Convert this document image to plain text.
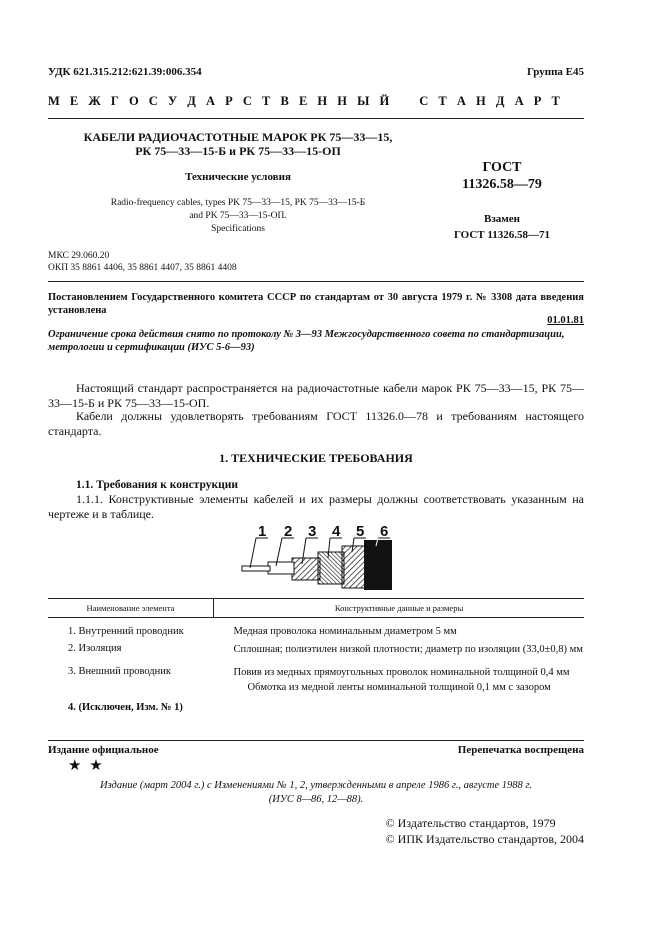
УДК 621.315.212:621.39:006.354	Группа Е45
М Е Ж Г О С У Д А Р С Т В Е Н Н Ы Й    С Т А Н Д А Р Т
КАБЕЛИ РАДИОЧАСТОТНЫЕ МАРОК РК 75—33—15,
РК 75—33—15-Б и РК 75—33—15-ОП
Технические условия
Radio-frequency cables, types PK 75—33—15, PK 75—33—15-Б
and PK 75—33—15-ОП.
Specifications
ГОСТ
11326.58—79
Взамен
ГОСТ 11326.58—71
МКС 29.060.20
ОКП 35 8861 4406, 35 8861 4407, 35 8861 4408
Постановлением Государственного комитета СССР по стандартам от 30 августа 1979 г. № 3308 дата введения установлена
01.01.81
Ограничение срока действия снято по протоколу № 3—93 Межгосударственного совета по стандартизации, метрологии и сертификации (ИУС 5-6—93)
Настоящий стандарт распространяется на радиочастотные кабели марок РК 75—33—15, РК 75—33—15-Б и РК 75—33—15-ОП.
Кабели должны удовлетворять требованиям ГОСТ 11326.0—78 и требованиям настоящего стандарта.
1. ТЕХНИЧЕСКИЕ ТРЕБОВАНИЯ
1.1. Требования к конструкции
1.1.1. Конструктивные элементы кабелей и их размеры должны соответствовать указанным на чертеже и в таблице.
1 2 3 4 5 6
Наименование элемента	Конструктивные данные и размеры
1. Внутренний проводник	Медная проволока номинальным диаметром 5 мм
2. Изоляция	Сплошная; полиэтилен низкой плотности; диаметр по изоляции (33,0±0,8) мм
3. Внешний проводник	Повив из медных прямоугольных проволок номинальной толщиной 0,4 мм
Обмотка из медной ленты номинальной толщиной 0,1 мм с зазором

4. (Исключен, Изм. № 1)	
Издание официальное	Перепечатка воспрещена
★ ★
Издание (март 2004 г.) с Изменениями № 1, 2, утвержденными в апреле 1986 г., августе 1988 г.
(ИУС 8—86, 12—88).
© Издательство стандартов, 1979
© ИПК Издательство стандартов, 2004
